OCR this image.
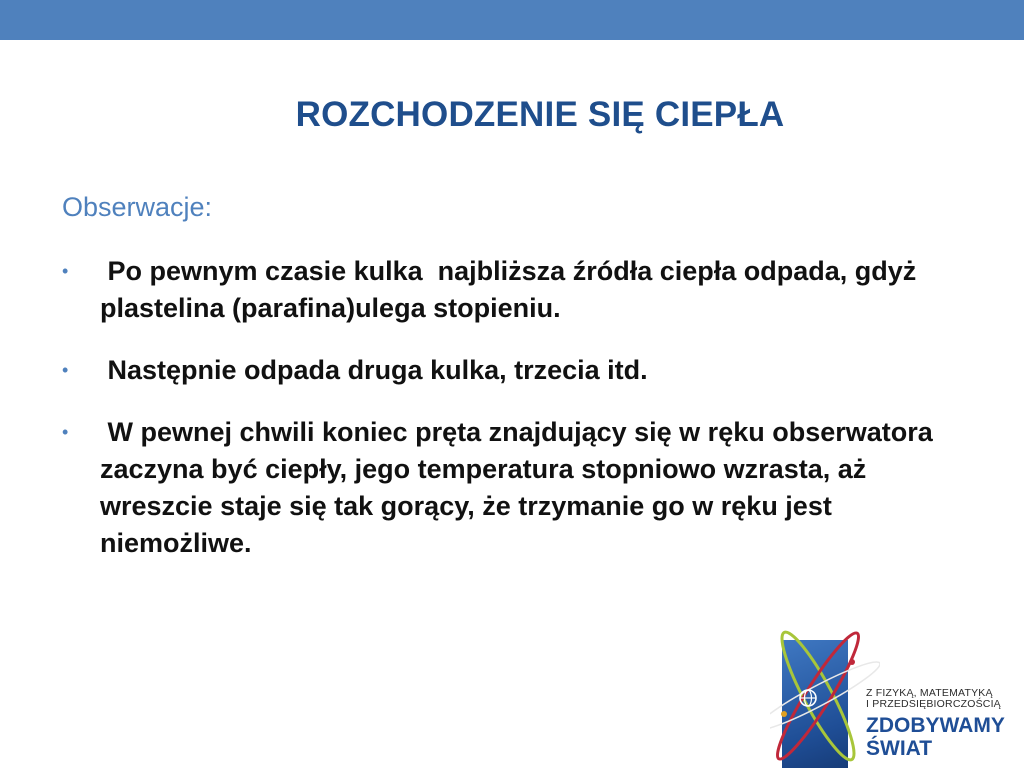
ROZCHODZENIE SIĘ CIEPŁA
Obserwacje:
• Po pewnym czasie kulka  najbliższa źródła ciepła odpada, gdyż plastelina (parafina)ulega stopieniu.
• Następnie odpada druga kulka, trzecia itd.
• W pewnej chwili koniec pręta znajdujący się w ręku obserwatora zaczyna być ciepły, jego temperatura stopniowo wzrasta, aż wreszcie staje się tak gorący, że trzymanie go w ręku jest niemożliwe.
Z FIZYKĄ, MATEMATYKĄ
I PRZEDSIĘBIORCZOŚCIĄ
ZDOBYWAMY
ŚWIAT
